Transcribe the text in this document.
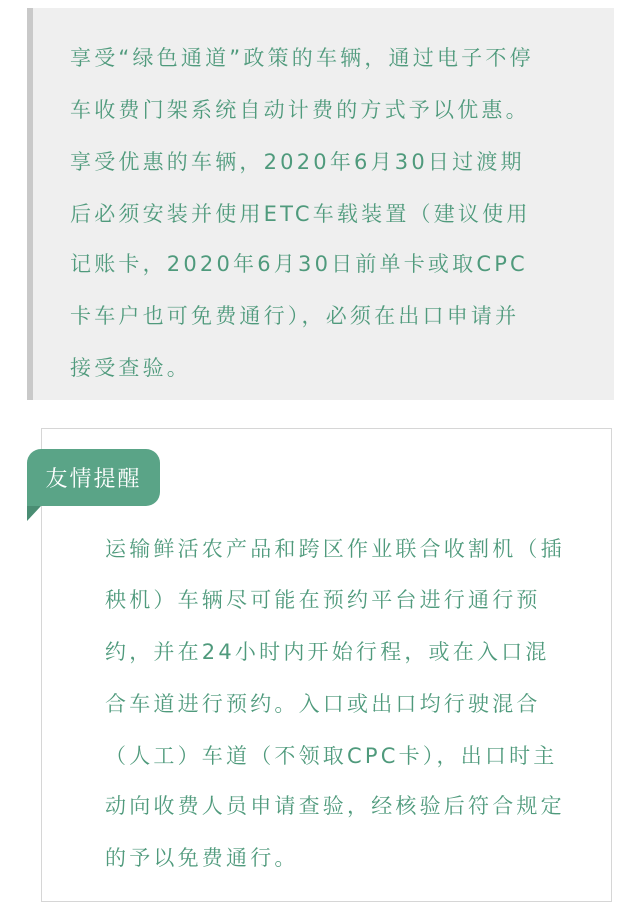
享受“绿色通道”政策的车辆，通过电子不停
车收费门架系统自动计费的方式予以优惠。
享受优惠的车辆，2020年6月30日过渡期
后必须安装并使用ETC车载装置（建议使用
记账卡，2020年6月30日前单卡或取CPC
卡车户也可免费通行），必须在出口申请并
接受查验。
运输鲜活农产品和跨区作业联合收割机（插
秧机）车辆尽可能在预约平台进行通行预
约，并在24小时内开始行程，或在入口混
合车道进行预约。入口或出口均行驶混合
（人工）车道（不领取CPC卡），出口时主
动向收费人员申请查验，经核验后符合规定
的予以免费通行。
友情提醒
